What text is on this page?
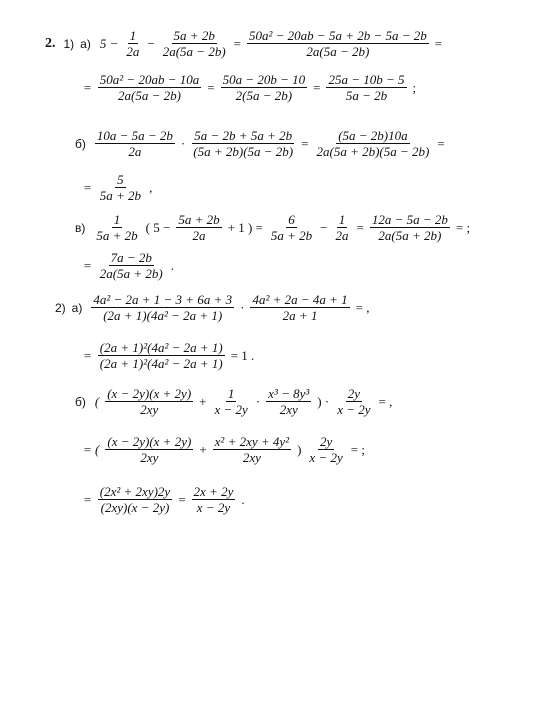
2. 1) а) $5 - \frac{1}{2a} - \frac{5a + 2b}{2a(5a - 2b)} = \frac{\text{50a² − 20ab − 5a + 2b − 5a − 2b}}{2a(5a - 2b)}$ =
= $\frac{\text{50a² − 20ab − 10a}}{2a(5a - 2b)} = \frac{50a - 20b - 10}{2(5a - 2b)} = \frac{25a - 10b - 5}{5a - 2b}$ ;
$б) \frac{10a - 5a - 2b}{2a} \cdot \frac{5a - 2b + 5a + 2b}{(5a + 2b)(5a - 2b)} = \frac{(5a - 2b)10a}{2a(5a + 2b)(5a - 2b)}$ =
= $\frac{5}{5a + 2b}$ ,
$в) \frac{1}{5a + 2b}$ ( $5 - \frac{5a + 2b}{2a} + 1$ ) = $\frac{6}{5a + 2b} - \frac{1}{2a} = \frac{12a - 5a - 2b}{2a(5a + 2b)}$ = ;
= $\frac{7a - 2b}{2a(5a + 2b)}$ .
2) $а) \frac{\text{4a² − 2a + 1 − 3 + 6a + 3}}{\text{(2a + 1)(4a² − 2a + 1)}} \cdot \frac{\text{4a² + 2a − 4a + 1}}{2a + 1}$ = ,
= $\frac{\text{(2a + 1)²(4a² − 2a + 1)}}{\text{(2a + 1)²(4a² − 2a + 1)}} = 1$ .
б) ( $\frac{(x - 2y)(x + 2y)}{2xy} + \frac{1}{x - 2y} \cdot \frac{\text{x³ − 8y³}}{2xy}$ ) · $\frac{2y}{x - 2y}$ = ,
= ( $\frac{(x - 2y)(x + 2y)}{2xy} + \frac{\text{x² + 2xy + 4y²}}{2xy}$ ) $\frac{2y}{x - 2y}$ = ;
= $\frac{\text{(2x² + 2xy)2y}}{(2xy)(x - 2y)} = \frac{2x + 2y}{x - 2y}$ .
